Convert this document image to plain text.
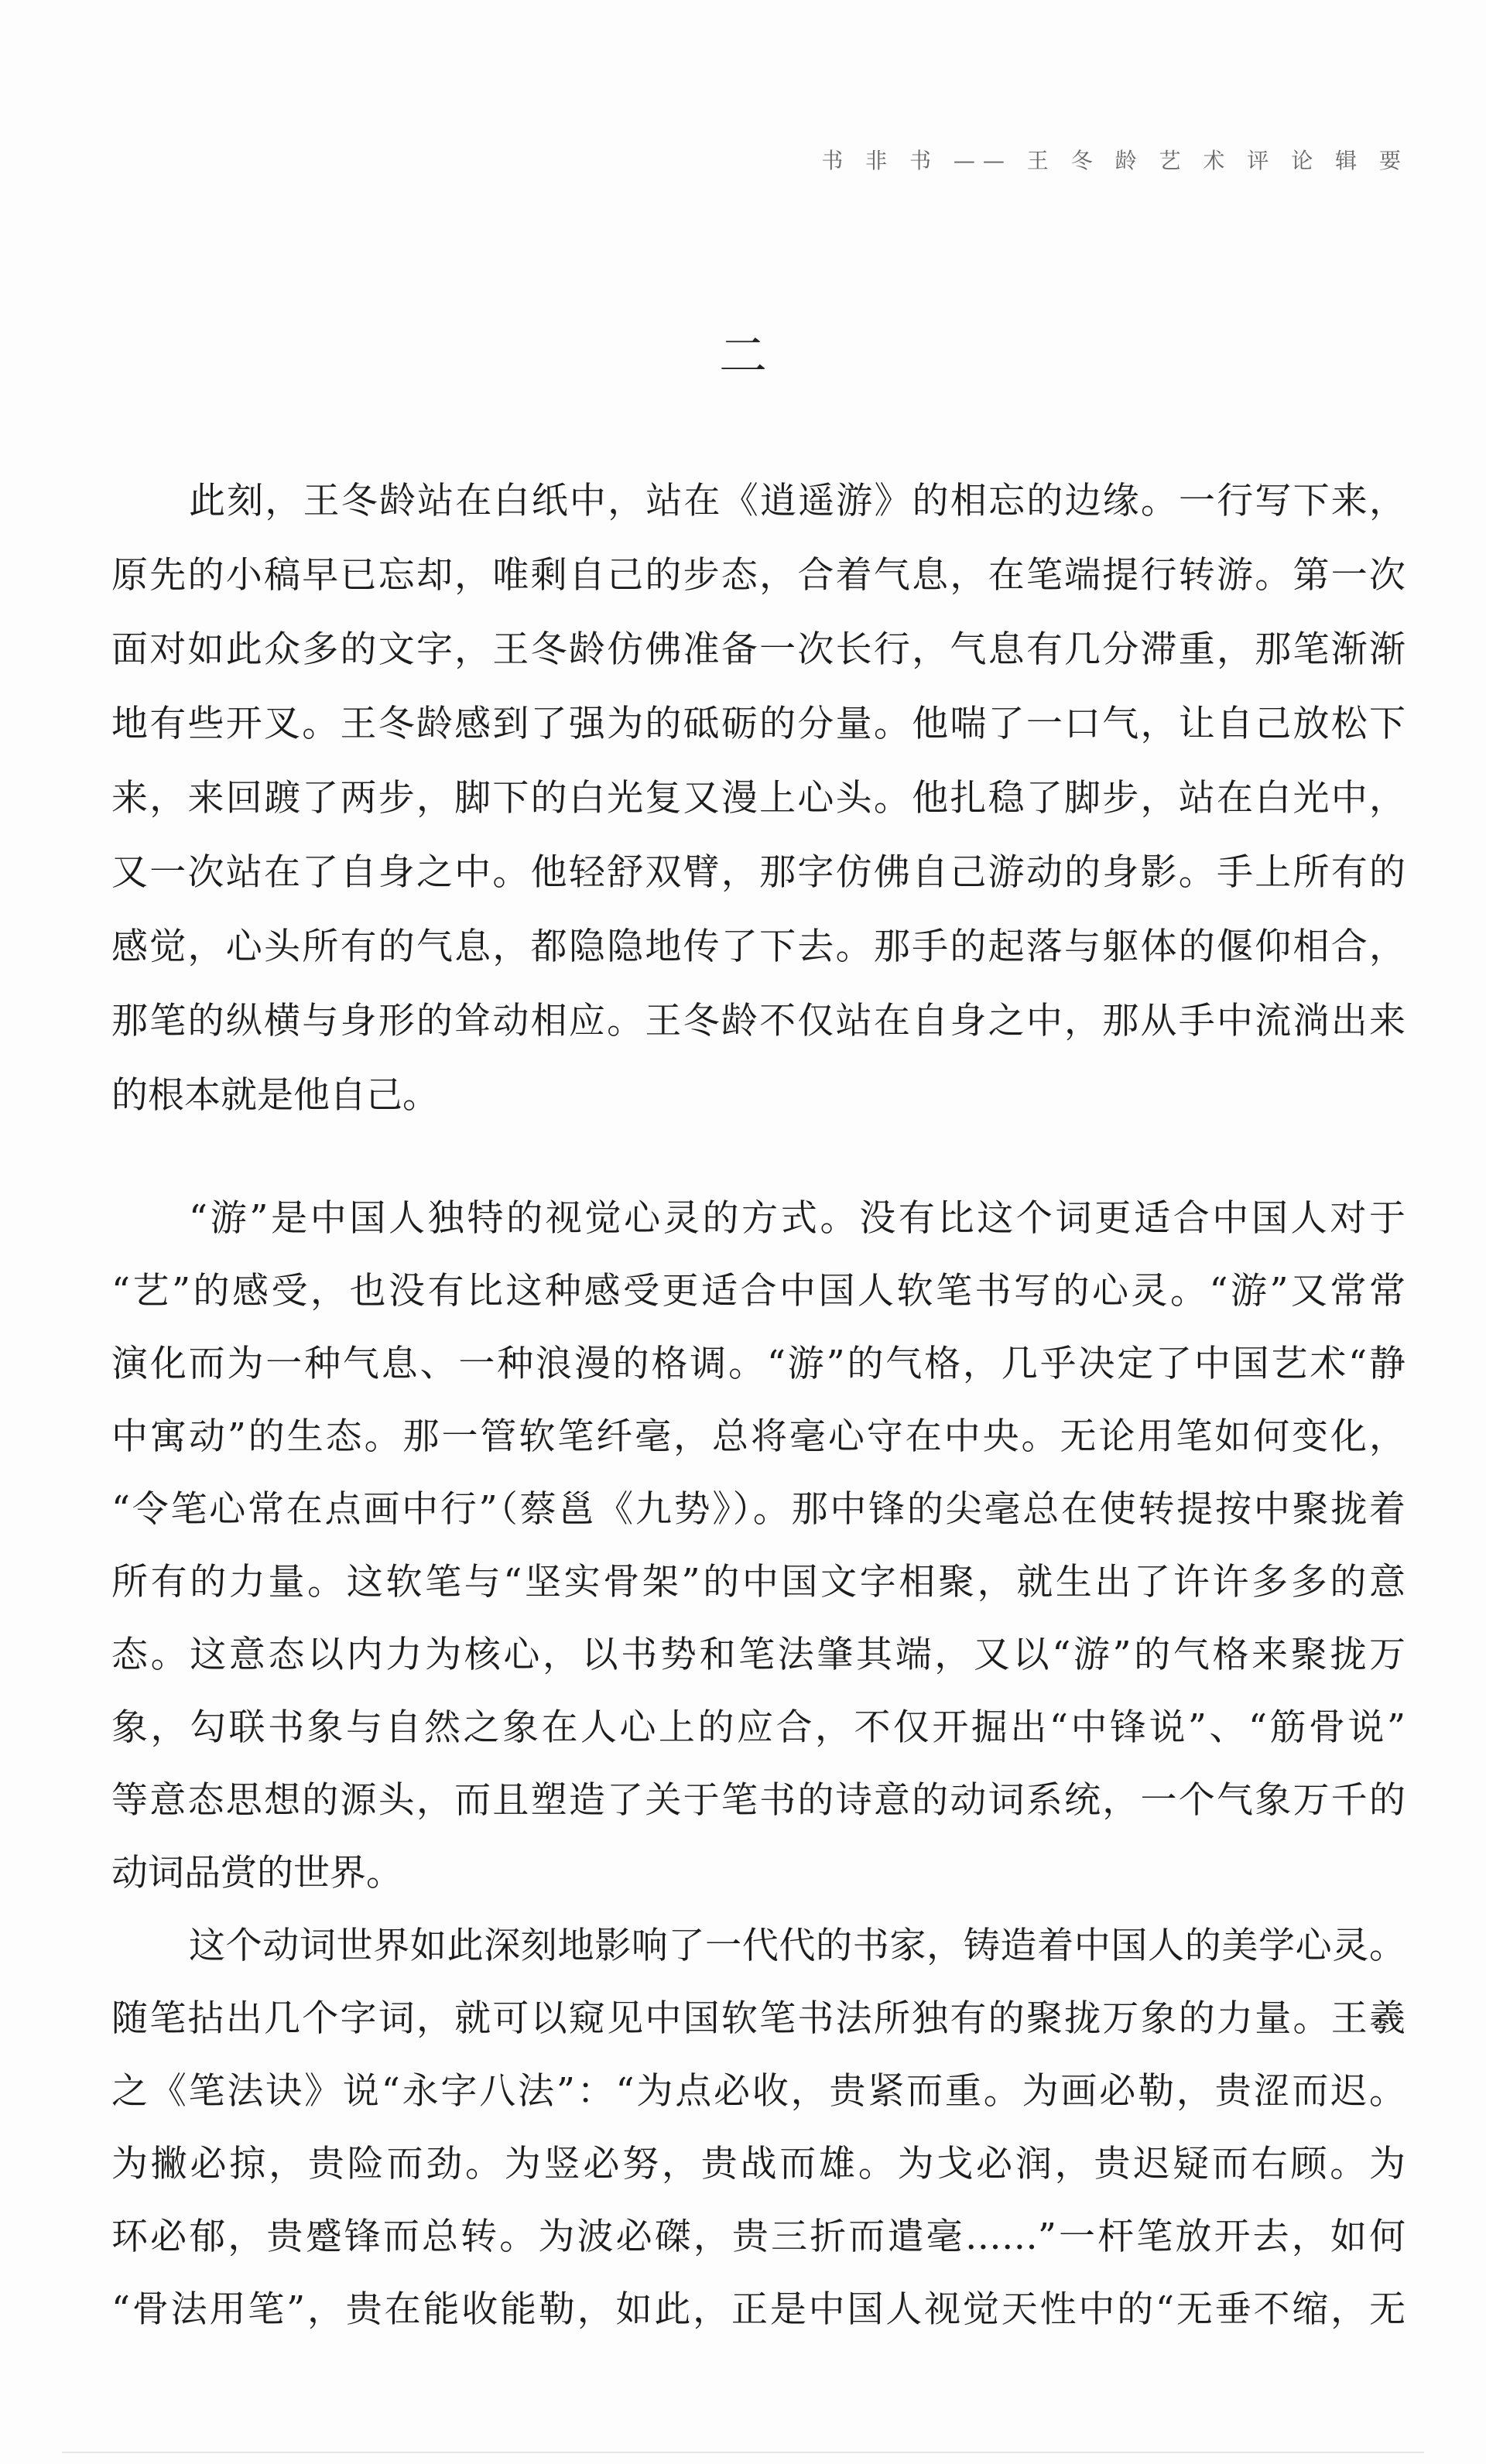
书 非 书 —— 王 冬 龄 艺 术 评 论 辑 要
二
此刻，王冬龄站在白纸中，站在《逍遥游》的相忘的边缘。一行写下来，
原先的小稿早已忘却，唯剩自己的步态，合着气息，在笔端提行转游。第一次
面对如此众多的文字，王冬龄仿佛准备一次长行，气息有几分滞重，那笔渐渐
地有些开叉。王冬龄感到了强为的砥砺的分量。他喘了一口气，让自己放松下
来，来回踱了两步，脚下的白光复又漫上心头。他扎稳了脚步，站在白光中，
又一次站在了自身之中。他轻舒双臂，那字仿佛自己游动的身影。手上所有的
感觉，心头所有的气息，都隐隐地传了下去。那手的起落与躯体的偃仰相合，
那笔的纵横与身形的耸动相应。王冬龄不仅站在自身之中，那从手中流淌出来
的根本就是他自己。
“游”是中国人独特的视觉心灵的方式。没有比这个词更适合中国人对于
“艺”的感受，也没有比这种感受更适合中国人软笔书写的心灵。“游”又常常
演化而为一种气息、一种浪漫的格调。“游”的气格，几乎决定了中国艺术“静
中寓动”的生态。那一管软笔纤毫，总将毫心守在中央。无论用笔如何变化，
“令笔心常在点画中行”（蔡邕《九势》）。那中锋的尖毫总在使转提按中聚拢着
所有的力量。这软笔与“坚实骨架”的中国文字相聚，就生出了许许多多的意
态。这意态以内力为核心，以书势和笔法肇其端，又以“游”的气格来聚拢万
象，勾联书象与自然之象在人心上的应合，不仅开掘出“中锋说”、“筋骨说”
等意态思想的源头，而且塑造了关于笔书的诗意的动词系统，一个气象万千的
动词品赏的世界。
这个动词世界如此深刻地影响了一代代的书家，铸造着中国人的美学心灵。
随笔拈出几个字词，就可以窥见中国软笔书法所独有的聚拢万象的力量。王羲
之《笔法诀》说“永字八法”：“为点必收，贵紧而重。为画必勒，贵涩而迟。
为撇必掠，贵险而劲。为竖必努，贵战而雄。为戈必润，贵迟疑而右顾。为
环必郁，贵蹙锋而总转。为波必磔，贵三折而遣毫……”一杆笔放开去，如何
“骨法用笔”，贵在能收能勒，如此，正是中国人视觉天性中的“无垂不缩，无
